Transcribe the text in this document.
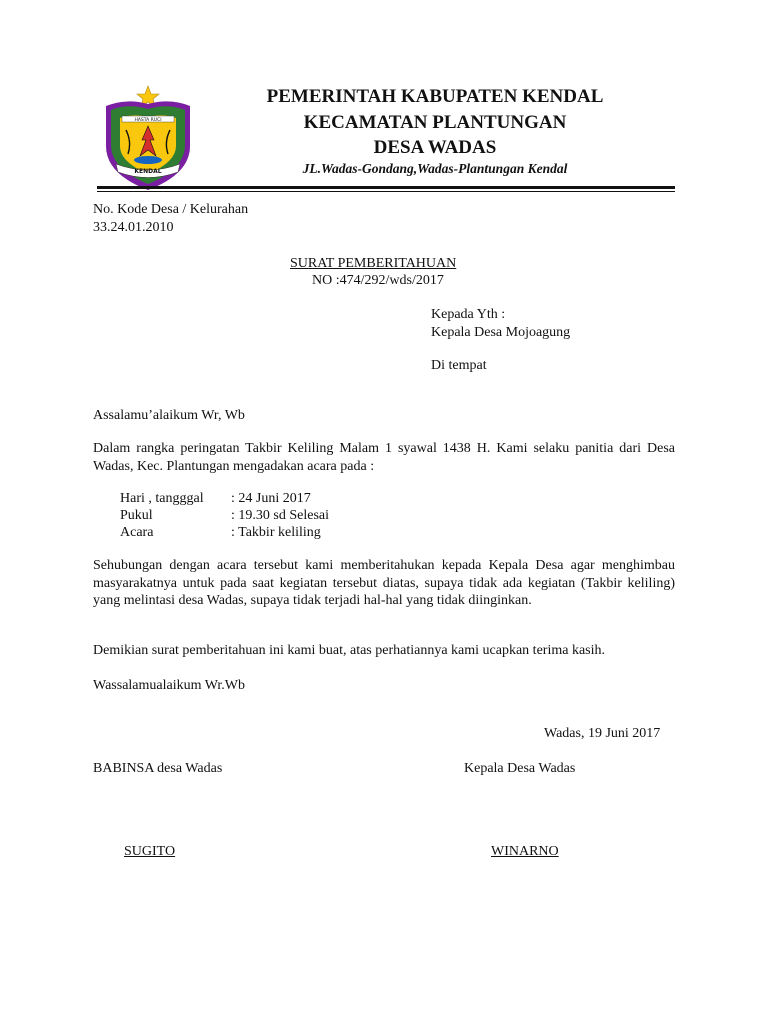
HASTA RUCI
KENDAL
PEMERINTAH KABUPATEN KENDAL
KECAMATAN PLANTUNGAN
DESA WADAS
JL.Wadas-Gondang,Wadas-Plantungan Kendal
No. Kode Desa / Kelurahan
33.24.01.2010
SURAT PEMBERITAHUAN
NO :474/292/wds/2017
Kepada Yth :
Kepala Desa Mojoagung
Di tempat
Assalamu’alaikum Wr, Wb
Dalam rangka peringatan Takbir Keliling Malam 1 syawal 1438 H. Kami selaku panitia dari Desa Wadas, Kec. Plantungan mengadakan acara pada :
Hari , tangggal : 24 Juni 2017
Pukul	: 19.30 sd Selesai
Acara	: Takbir keliling
Sehubungan dengan acara tersebut kami memberitahukan kepada Kepala Desa agar menghimbau masyarakatnya untuk pada saat kegiatan tersebut diatas, supaya tidak ada kegiatan (Takbir keliling) yang melintasi desa Wadas, supaya tidak terjadi hal-hal yang tidak diinginkan.
Demikian surat pemberitahuan ini kami buat, atas perhatiannya kami ucapkan terima kasih.
Wassalamualaikum Wr.Wb
Wadas, 19 Juni 2017
BABINSA desa Wadas	Kepala Desa Wadas
SUGITO	WINARNO
